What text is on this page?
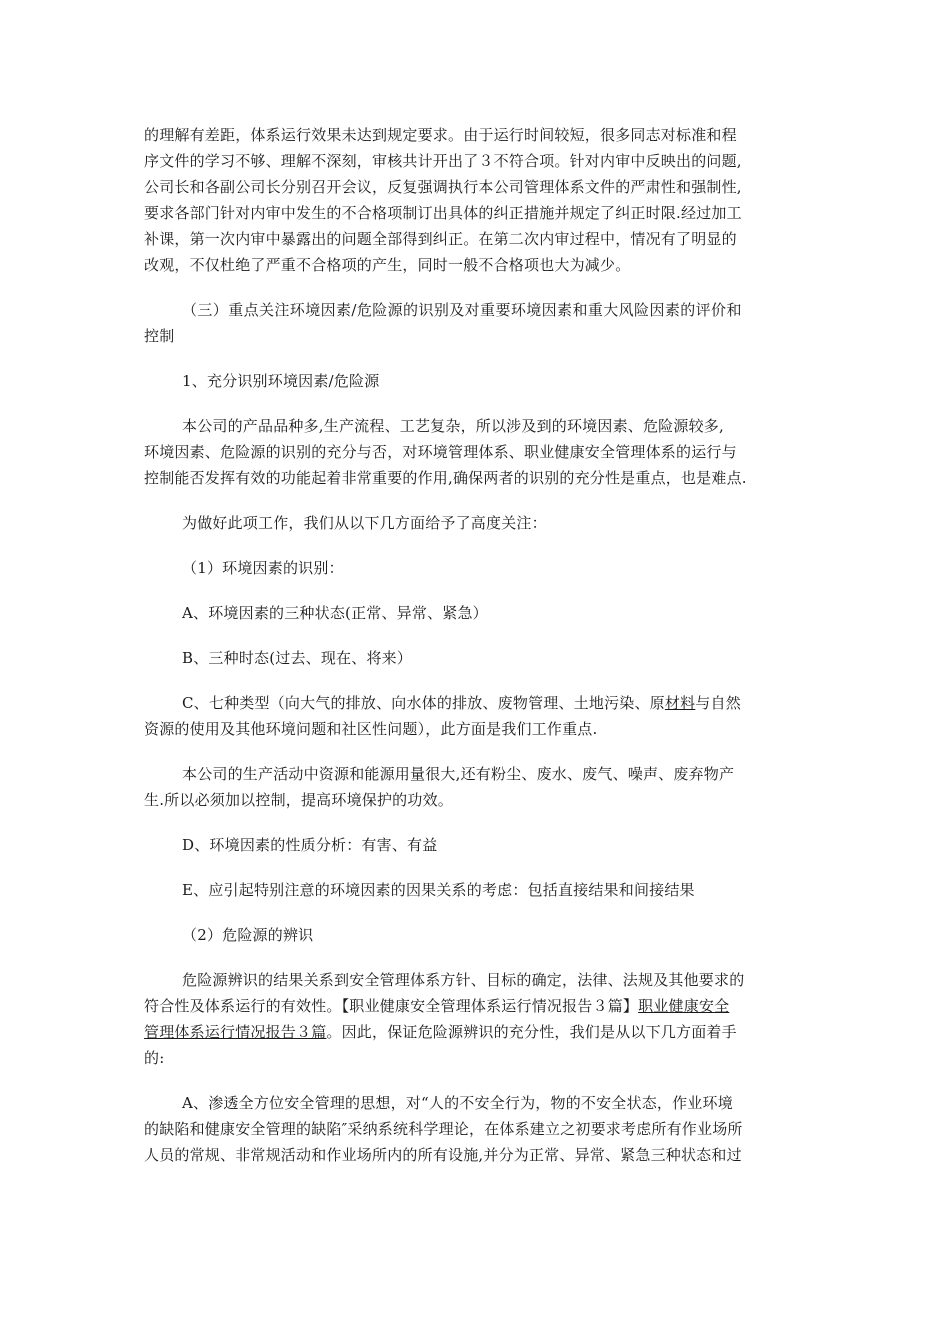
的理解有差距，体系运行效果未达到规定要求。由于运行时间较短，很多同志对标准和程
序文件的学习不够、理解不深刻，审核共计开出了３不符合项。针对内审中反映出的问题,
公司长和各副公司长分别召开会议，反复强调执行本公司管理体系文件的严肃性和强制性,
要求各部门针对内审中发生的不合格项制订出具体的纠正措施并规定了纠正时限.经过加工
补课，第一次内审中暴露出的问题全部得到纠正。在第二次内审过程中，情况有了明显的
改观，不仅杜绝了严重不合格项的产生，同时一般不合格项也大为减少。

（三）重点关注环境因素/危险源的识别及对重要环境因素和重大风险因素的评价和
控制

1、充分识别环境因素/危险源

本公司的产品品种多,生产流程、工艺复杂，所以涉及到的环境因素、危险源较多,
环境因素、危险源的识别的充分与否，对环境管理体系、职业健康安全管理体系的运行与
控制能否发挥有效的功能起着非常重要的作用,确保两者的识别的充分性是重点，也是难点.

为做好此项工作，我们从以下几方面给予了高度关注：

（1）环境因素的识别：

A、环境因素的三种状态(正常、异常、紧急）

B、三种时态(过去、现在、将来）

C、七种类型（向大气的排放、向水体的排放、废物管理、土地污染、原材料与自然
资源的使用及其他环境问题和社区性问题），此方面是我们工作重点.

本公司的生产活动中资源和能源用量很大,还有粉尘、废水、废气、噪声、废弃物产
生.所以必须加以控制，提高环境保护的功效。

D、环境因素的性质分析：有害、有益

E、应引起特别注意的环境因素的因果关系的考虑：包括直接结果和间接结果

（2）危险源的辨识

危险源辨识的结果关系到安全管理体系方针、目标的确定，法律、法规及其他要求的
符合性及体系运行的有效性。【职业健康安全管理体系运行情况报告３篇】职业健康安全
管理体系运行情况报告３篇。因此，保证危险源辨识的充分性，我们是从以下几方面着手
的:

A、渗透全方位安全管理的思想，对“人的不安全行为，物的不安全状态，作业环境
的缺陷和健康安全管理的缺陷″采纳系统科学理论，在体系建立之初要求考虑所有作业场所
人员的常规、非常规活动和作业场所内的所有设施,并分为正常、异常、紧急三种状态和过
